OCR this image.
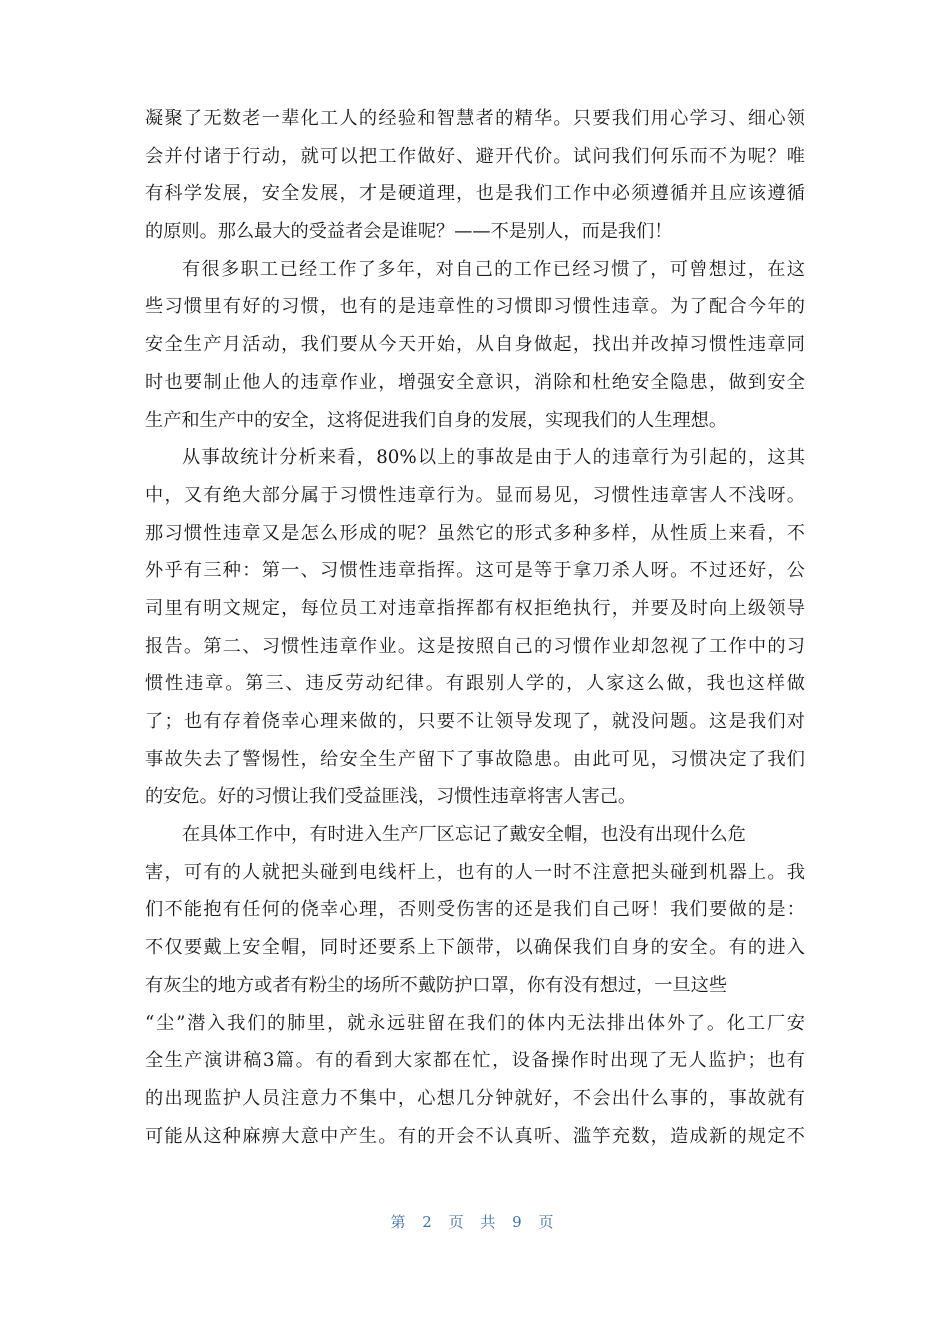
凝聚了无数老一辈化工人的经验和智慧者的精华。只要我们用心学习、细心领
会并付诸于行动，就可以把工作做好、避开代价。试问我们何乐而不为呢？唯
有科学发展，安全发展，才是硬道理，也是我们工作中必须遵循并且应该遵循
的原则。那么最大的受益者会是谁呢？——不是别人，而是我们！
有很多职工已经工作了多年，对自己的工作已经习惯了，可曾想过，在这
些习惯里有好的习惯，也有的是违章性的习惯即习惯性违章。为了配合今年的
安全生产月活动，我们要从今天开始，从自身做起，找出并改掉习惯性违章同
时也要制止他人的违章作业，增强安全意识，消除和杜绝安全隐患，做到安全
生产和生产中的安全，这将促进我们自身的发展，实现我们的人生理想。
从事故统计分析来看，80%以上的事故是由于人的违章行为引起的，这其
中，又有绝大部分属于习惯性违章行为。显而易见，习惯性违章害人不浅呀。
那习惯性违章又是怎么形成的呢？虽然它的形式多种多样，从性质上来看，不
外乎有三种：第一、习惯性违章指挥。这可是等于拿刀杀人呀。不过还好，公
司里有明文规定，每位员工对违章指挥都有权拒绝执行，并要及时向上级领导
报告。第二、习惯性违章作业。这是按照自己的习惯作业却忽视了工作中的习
惯性违章。第三、违反劳动纪律。有跟别人学的，人家这么做，我也这样做
了；也有存着侥幸心理来做的，只要不让领导发现了，就没问题。这是我们对
事故失去了警惕性，给安全生产留下了事故隐患。由此可见，习惯决定了我们
的安危。好的习惯让我们受益匪浅，习惯性违章将害人害己。
在具体工作中，有时进入生产厂区忘记了戴安全帽，也没有出现什么危
害，可有的人就把头碰到电线杆上，也有的人一时不注意把头碰到机器上。我
们不能抱有任何的侥幸心理，否则受伤害的还是我们自己呀！我们要做的是：
不仅要戴上安全帽，同时还要系上下颌带，以确保我们自身的安全。有的进入
有灰尘的地方或者有粉尘的场所不戴防护口罩，你有没有想过，一旦这些
“尘”潜入我们的肺里，就永远驻留在我们的体内无法排出体外了。化工厂安
全生产演讲稿3篇。有的看到大家都在忙，设备操作时出现了无人监护；也有
的出现监护人员注意力不集中，心想几分钟就好，不会出什么事的，事故就有
可能从这种麻痹大意中产生。有的开会不认真听、滥竽充数，造成新的规定不
第 2 页 共 9 页
